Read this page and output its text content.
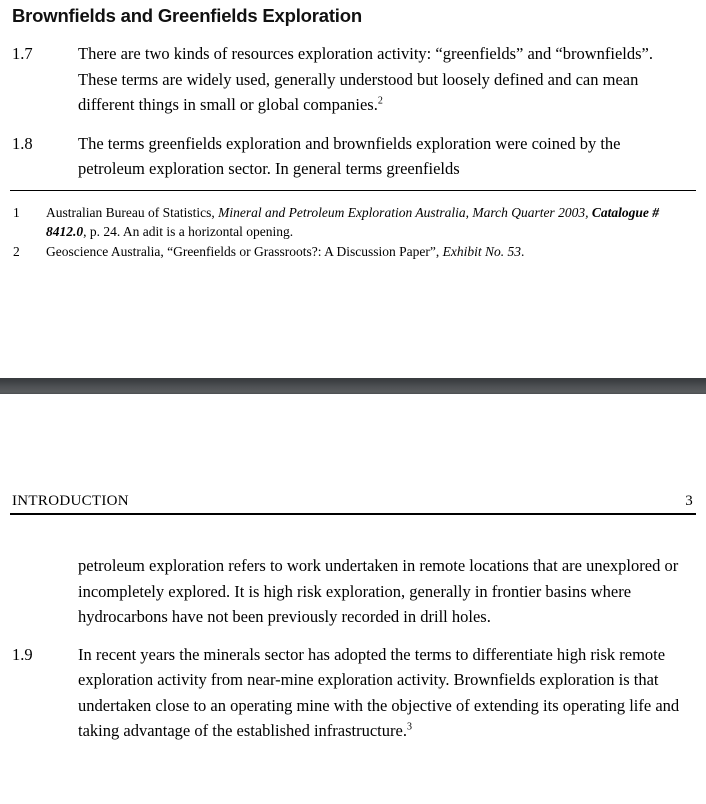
Brownfields and Greenfields Exploration
1.7	There are two kinds of resources exploration activity: “greenfields” and “brownfields”. These terms are widely used, generally understood but loosely defined and can mean different things in small or global companies.$^2$
1.8	The terms greenfields exploration and brownfields exploration were coined by the petroleum exploration sector. In general terms greenfields
1	Australian Bureau of Statistics, Mineral and Petroleum Exploration Australia, March Quarter 2003, Catalogue # 8412.0, p. 24. An adit is a horizontal opening.
2	Geoscience Australia, “Greenfields or Grassroots?: A Discussion Paper”, Exhibit No. 53.
INTRODUCTION	3
petroleum exploration refers to work undertaken in remote locations that are unexplored or incompletely explored. It is high risk exploration, generally in frontier basins where hydrocarbons have not been previously recorded in drill holes.
1.9	In recent years the minerals sector has adopted the terms to differentiate high risk remote exploration activity from near-mine exploration activity. Brownfields exploration is that undertaken close to an operating mine with the objective of extending its operating life and taking advantage of the established infrastructure.$^3$
